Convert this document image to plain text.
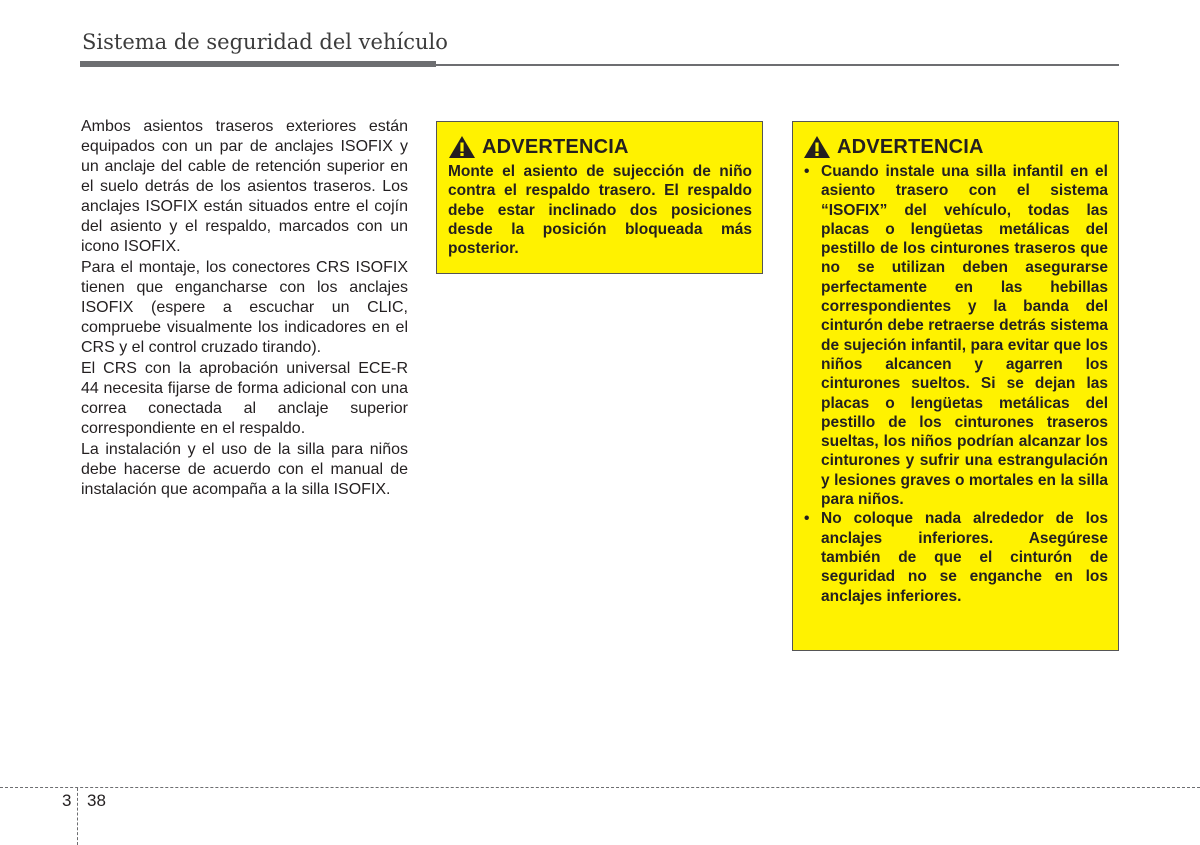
Sistema de seguridad del vehículo

Ambos asientos traseros exteriores están equipados con un par de anclajes ISOFIX y un anclaje del cable de retención superior en el suelo detrás de los asientos traseros. Los anclajes ISOFIX están situados entre el cojín del asiento y el respaldo, marcados con un icono ISOFIX.

Para el montaje, los conectores CRS ISOFIX tienen que engancharse con los anclajes ISOFIX (espere a escuchar un CLIC, compruebe visualmente los indicadores en el CRS y el control cruzado tirando).

El CRS con la aprobación universal ECE-R 44 necesita fijarse de forma adicional con una correa conectada al anclaje superior correspondiente en el respaldo.

La instalación y el uso de la silla para niños debe hacerse de acuerdo con el manual de instalación que acompaña a la silla ISOFIX.

ADVERTENCIA

Monte el asiento de sujección de niño contra el respaldo trasero. El respaldo debe estar inclinado dos posiciones desde la posición bloqueada más posterior.

ADVERTENCIA
• Cuando instale una silla infantil en el asiento trasero con el sistema “ISOFIX” del vehículo, todas las placas o lengüetas metálicas del pestillo de los cinturones traseros que no se utilizan deben asegurarse perfectamente en las hebillas correspondientes y la banda del cinturón debe retraerse detrás sistema de sujeción infantil, para evitar que los niños alcancen y agarren los cinturones sueltos. Si se dejan las placas o lengüetas metálicas del pestillo de los cinturones traseros sueltas, los niños podrían alcanzar los cinturones y sufrir una estrangulación y lesiones graves o mortales en la silla para niños.
• No coloque nada alrededor de los anclajes inferiores. Asegúrese también de que el cinturón de seguridad no se enganche en los anclajes inferiores.
3 38
